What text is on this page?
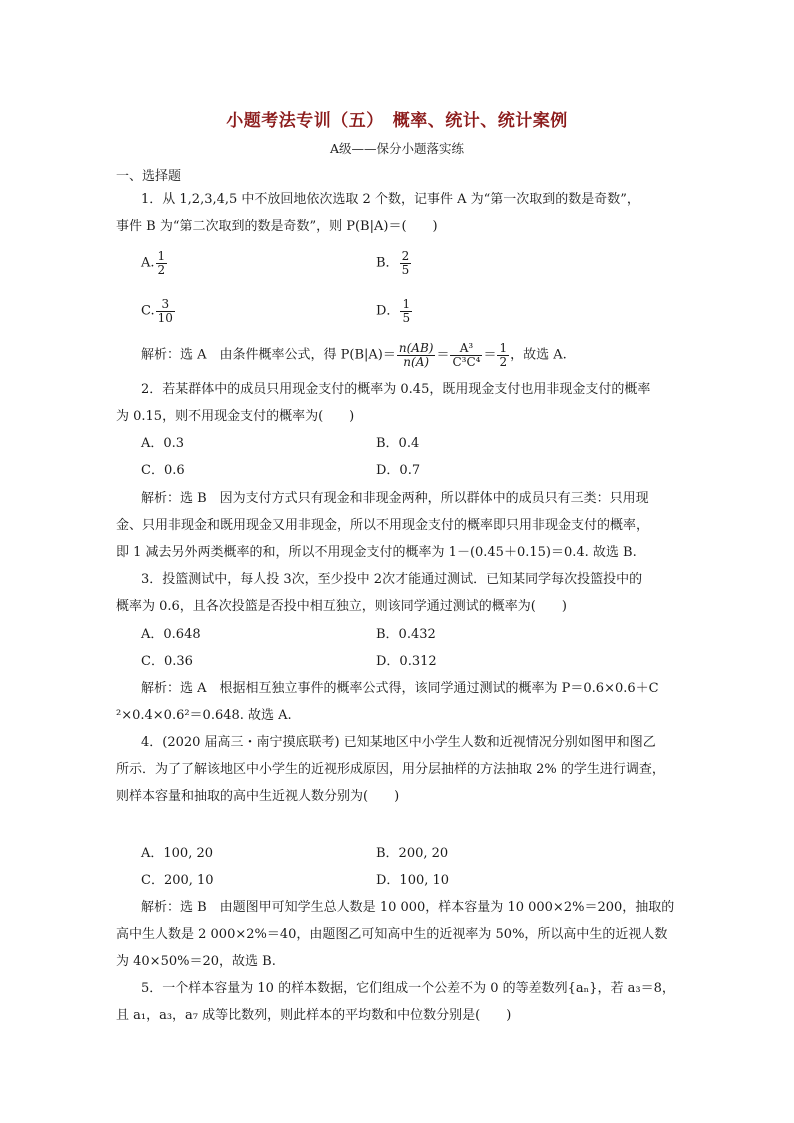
小题考法专训（五）　概率、统计、统计案例
A级——保分小题落实练
一、选择题
1．从 1,2,3,4,5 中不放回地依次选取 2 个数，记事件 A 为“第一次取到的数是奇数”，
事件 B 为“第二次取到的数是奇数”，则 P(B|A)＝(　　)
A. $\frac{1}{2}$	B． $\frac{2}{5}$
C. $\frac{3}{10}$	D． $\frac{1}{5}$
解析：选 A　由条件概率公式，得 $P(B|A)= \frac{n(AB)}{n(A)} = \frac{\text{A³}}{\text{C³C⁴}} = \frac{1}{2}$ ，故选 A.
2．若某群体中的成员只用现金支付的概率为 0.45，既用现金支付也用非现金支付的概率
为 0.15，则不用现金支付的概率为(　　)
A．0.3	B．0.4
C．0.6	D．0.7
解析：选 B　因为支付方式只有现金和非现金两种，所以群体中的成员只有三类：只用现
金、只用非现金和既用现金又用非现金，所以不用现金支付的概率即只用非现金支付的概率，
即 1 减去另外两类概率的和，所以不用现金支付的概率为 1－(0.45＋0.15)＝0.4. 故选 B.
3．投篮测试中，每人投 3次，至少投中 2次才能通过测试．已知某同学每次投篮投中的
概率为 0.6，且各次投篮是否投中相互独立，则该同学通过测试的概率为(　　)
A．0.648	B．0.432
C．0.36	D．0.312
解析：选 A　根据相互独立事件的概率公式得，该同学通过测试的概率为 P＝0.6×0.6＋C
²×0.4×0.6²＝0.648. 故选 A.
4．(2020 届高三・南宁摸底联考) 已知某地区中小学生人数和近视情况分别如图甲和图乙
所示．为了了解该地区中小学生的近视形成原因，用分层抽样的方法抽取 2% 的学生进行调查，
则样本容量和抽取的高中生近视人数分别为(　　)
A．100, 20	B．200, 20
C．200, 10	D．100, 10
解析：选 B　由题图甲可知学生总人数是 10 000，样本容量为 10 000×2%＝200，抽取的
高中生人数是 2 000×2%＝40，由题图乙可知高中生的近视率为 50%，所以高中生的近视人数
为 40×50%＝20，故选 B.
5．一个样本容量为 10 的样本数据，它们组成一个公差不为 0 的等差数列{aₙ}，若 a₃＝8，
且 a₁，a₃，a₇ 成等比数列，则此样本的平均数和中位数分别是(　　)
